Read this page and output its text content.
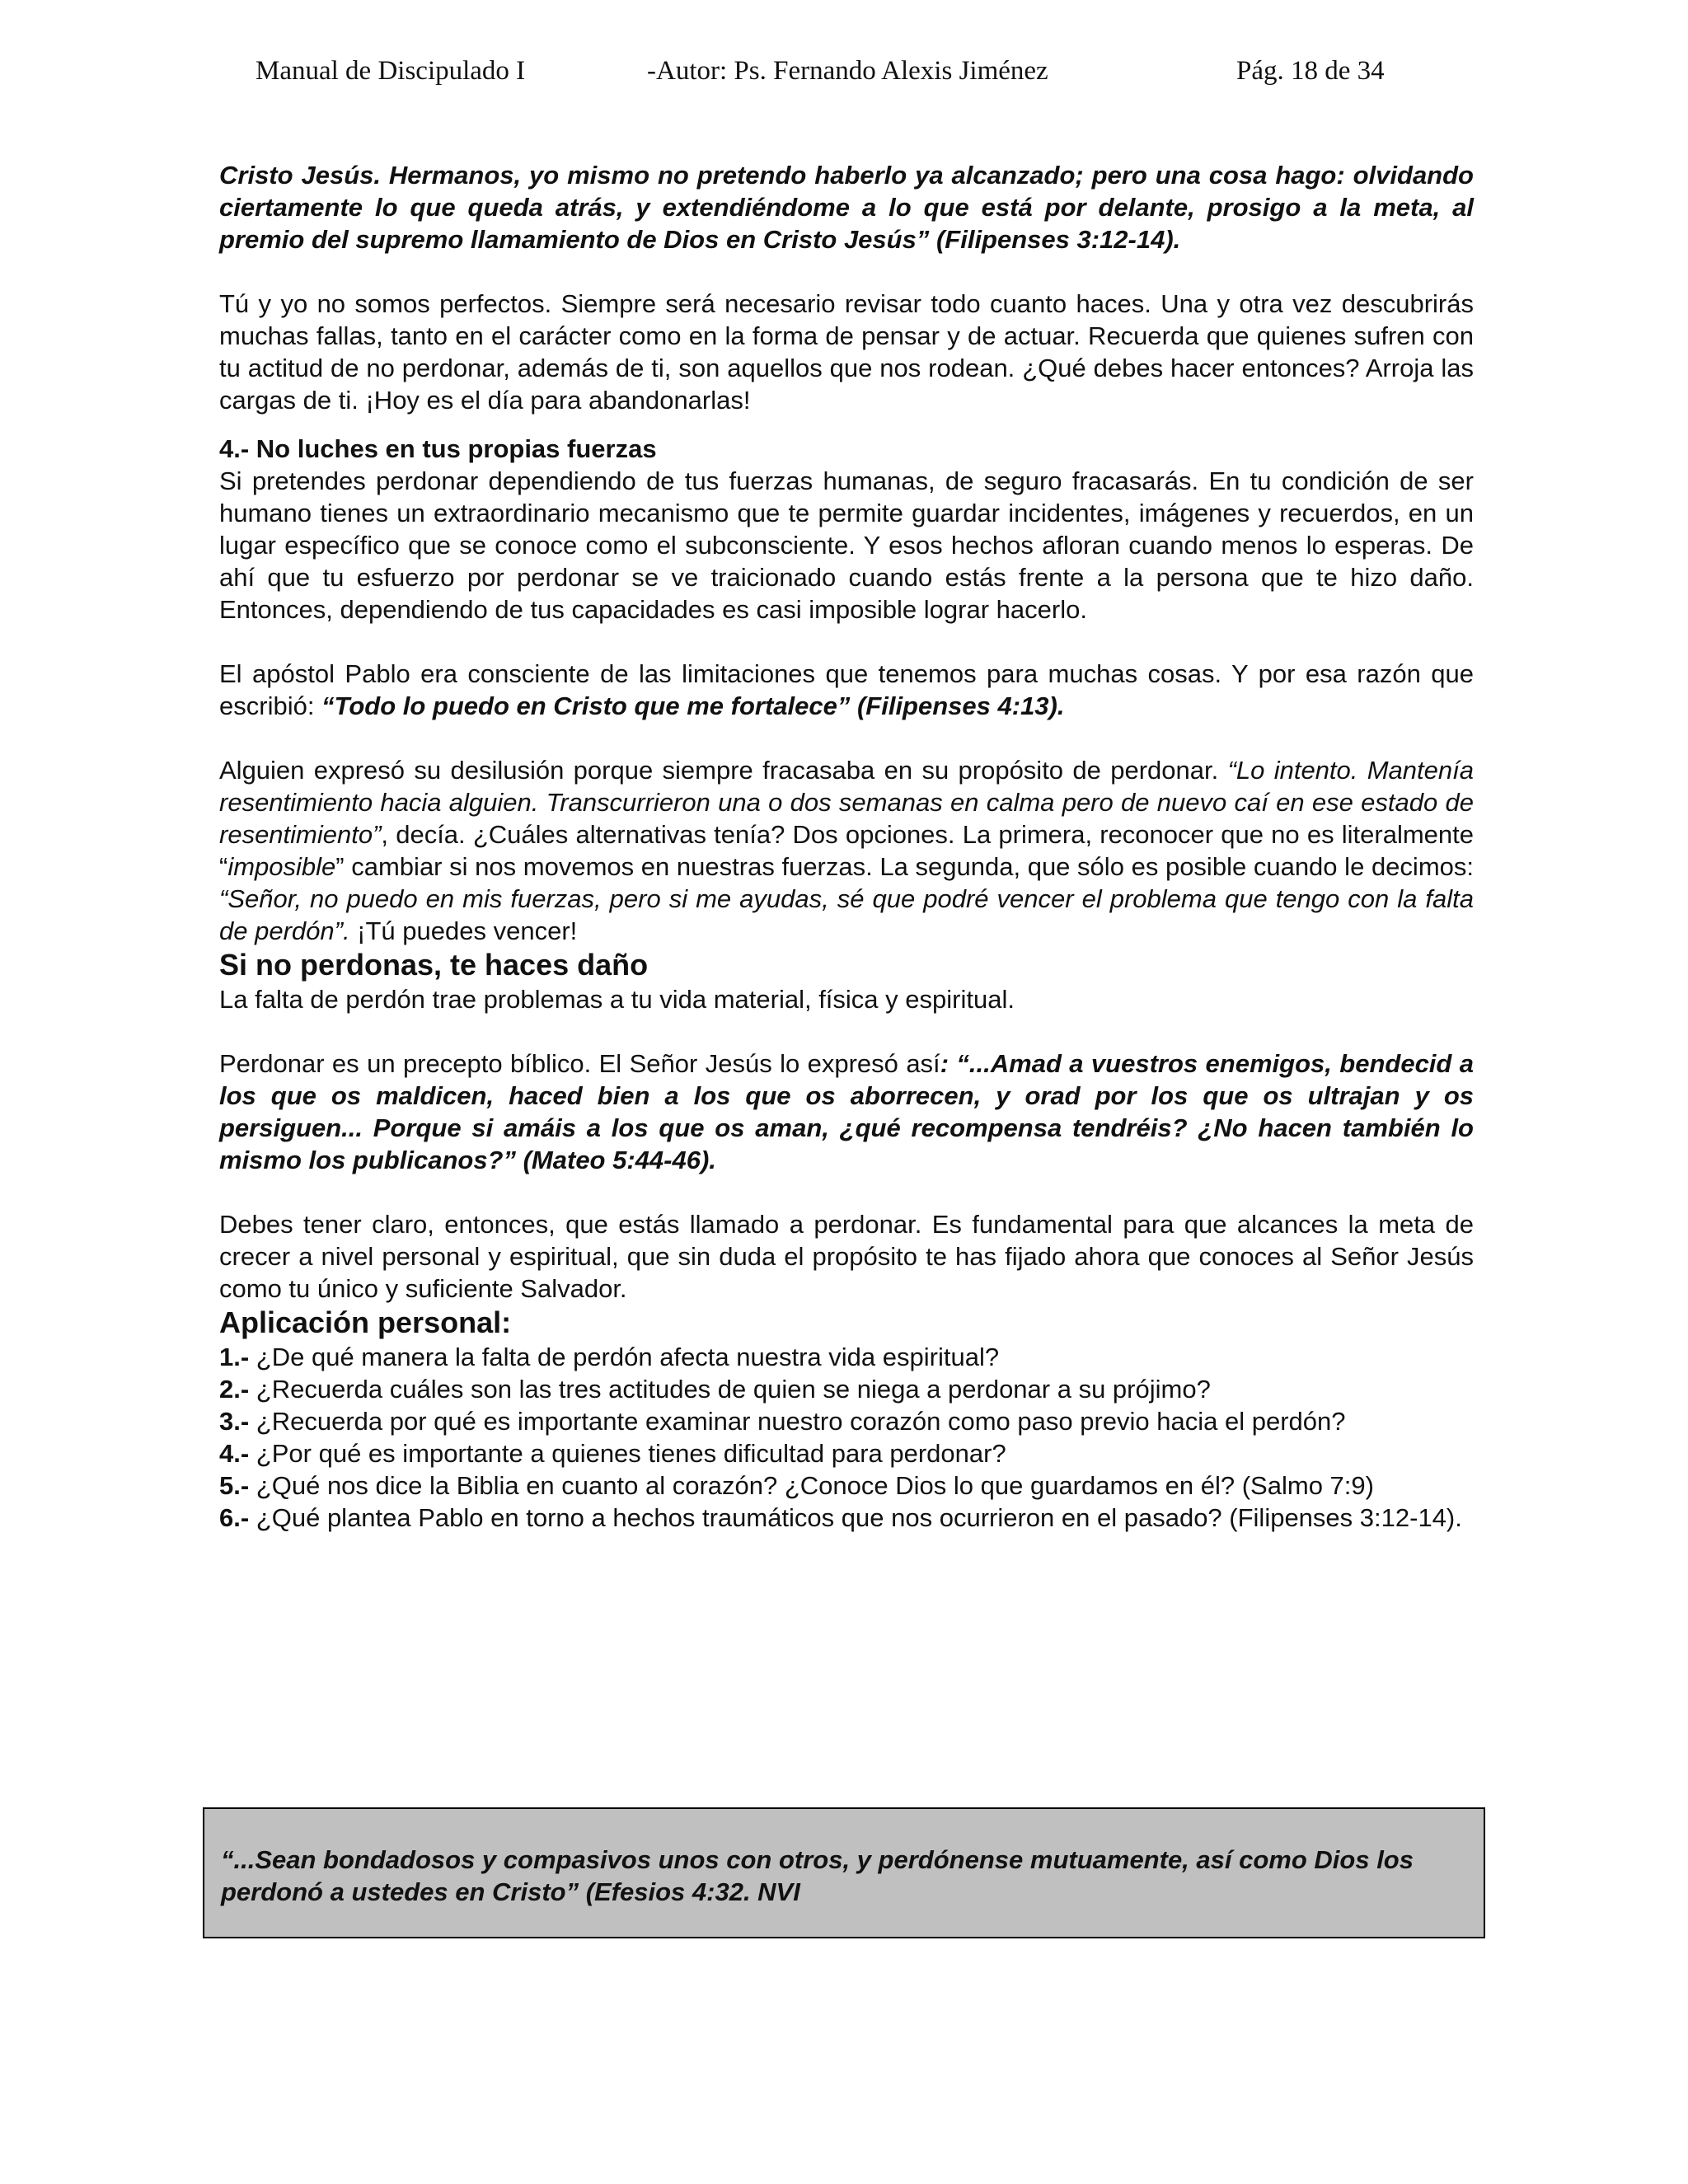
Manual de Discipulado I	-Autor: Ps. Fernando Alexis Jiménez	Pág. 18 de 34

Cristo Jesús. Hermanos, yo mismo no pretendo haberlo ya alcanzado; pero una cosa hago: olvidando ciertamente lo que queda atrás, y extendiéndome a lo que está por delante, prosigo a la meta, al premio del supremo llamamiento de Dios en Cristo Jesús” (Filipenses 3:12-14).

Tú y yo no somos perfectos. Siempre será necesario revisar todo cuanto haces. Una y otra vez descubrirás muchas fallas, tanto en el carácter como en la forma de pensar y de actuar. Recuerda que quienes sufren con tu actitud de no perdonar, además de ti, son aquellos que nos rodean. ¿Qué debes hacer entonces? Arroja las cargas de ti. ¡Hoy es el día para abandonarlas!

4.- No luches en tus propias fuerzas

Si pretendes perdonar dependiendo de tus fuerzas humanas, de seguro fracasarás. En tu condición de ser humano tienes un extraordinario mecanismo que te permite guardar incidentes, imágenes y recuerdos, en un lugar específico que se conoce como el subconsciente. Y esos hechos afloran cuando menos lo esperas. De ahí que tu esfuerzo por perdonar se ve traicionado cuando estás frente a la persona que te hizo daño. Entonces, dependiendo de tus capacidades es casi imposible lograr hacerlo.

El apóstol Pablo era consciente de las limitaciones que tenemos para muchas cosas. Y por esa razón que escribió: “Todo lo puedo en Cristo que me fortalece” (Filipenses 4:13).

Alguien expresó su desilusión porque siempre fracasaba en su propósito de perdonar. “Lo intento. Mantenía resentimiento hacia alguien. Transcurrieron una o dos semanas en calma pero de nuevo caí en ese estado de resentimiento”, decía. ¿Cuáles alternativas tenía? Dos opciones. La primera, reconocer que no es literalmente “imposible” cambiar si nos movemos en nuestras fuerzas. La segunda, que sólo es posible cuando le decimos: “Señor, no puedo en mis fuerzas, pero si me ayudas, sé que podré vencer el problema que tengo con la falta de perdón”. ¡Tú puedes vencer!

Si no perdonas, te haces daño

La falta de perdón trae problemas a tu vida material, física y espiritual.

Perdonar es un precepto bíblico. El Señor Jesús lo expresó así: “...Amad a vuestros enemigos, bendecid a los que os maldicen, haced bien a los que os aborrecen, y orad por los que os ultrajan y os persiguen... Porque si amáis a los que os aman, ¿qué recompensa tendréis? ¿No hacen también lo mismo los publicanos?” (Mateo 5:44-46).

Debes tener claro, entonces, que estás llamado a perdonar. Es fundamental para que alcances la meta de crecer a nivel personal y espiritual, que sin duda el propósito te has fijado ahora que conoces al Señor Jesús como tu único y suficiente Salvador.

Aplicación personal:

1.- ¿De qué manera la falta de perdón afecta nuestra vida espiritual?

2.- ¿Recuerda cuáles son las tres actitudes de quien se niega a perdonar a su prójimo?

3.- ¿Recuerda por qué es importante examinar nuestro corazón como paso previo hacia el perdón?

4.- ¿Por qué es importante a quienes tienes dificultad para perdonar?

5.- ¿Qué nos dice la Biblia en cuanto al corazón? ¿Conoce Dios lo que guardamos en él? (Salmo 7:9)

6.- ¿Qué plantea Pablo en torno a hechos traumáticos que nos ocurrieron en el pasado? (Filipenses 3:12-14).

“...Sean bondadosos y compasivos unos con otros, y perdónense mutuamente, así como Dios los perdonó a ustedes en Cristo” (Efesios 4:32. NVI
